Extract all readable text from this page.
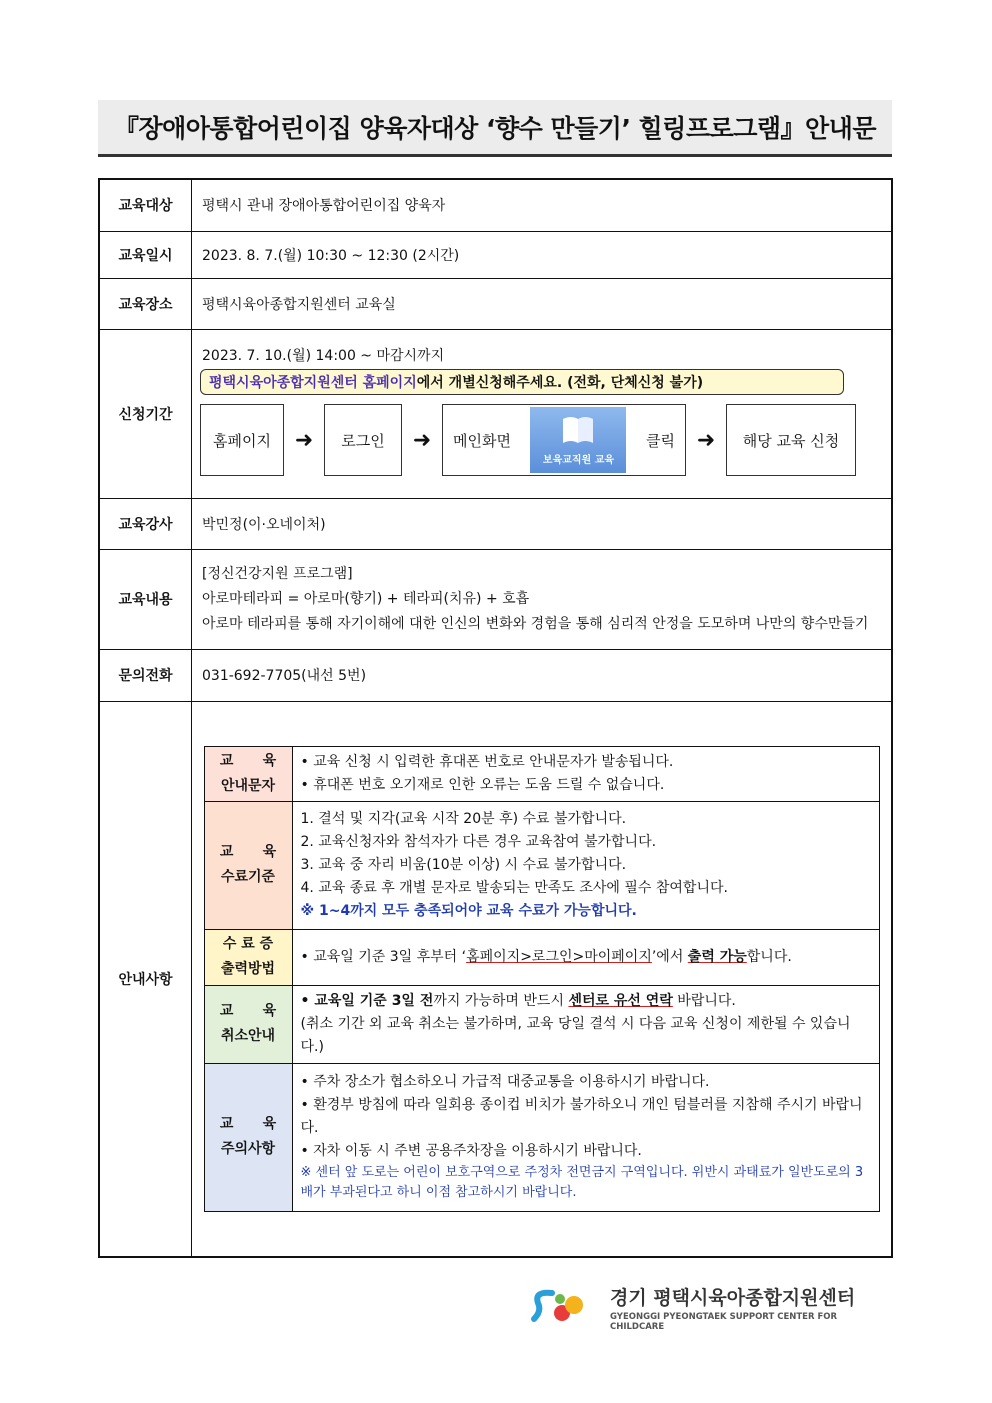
『장애아통합어린이집 양육자대상 ‘향수 만들기’ 힐링프로그램』안내문
교육대상	평택시 관내 장애아통합어린이집 양육자
교육일시	2023. 8. 7.(월) 10:30 ~ 12:30 (2시간)
교육장소	평택시육아종합지원센터 교육실
신청기간	
2023. 7. 10.(월) 14:00 ~ 마감시까지
평택시육아종합지원센터 홈페이지에서 개별신청해주세요. (전화, 단체신청 불가)
홈페이지	➜	로그인	➜	메인화면
보육교직원 교육
클릭 ➜	해당 교육 신청

교육강사	박민정(이·오네이처)
교육내용	
[정신건강지원 프로그램]
아로마테라피 = 아로마(향기) + 테라피(치유) + 호흡
아로마 테라피를 통해 자기이해에 대한 인신의 변화와 경험을 통해 심리적 안정을 도모하며 나만의 향수만들기

문의전화	031-692-7705(내선 5번)
안내사항	
교      육
안내문자

• 교육 신청 시 입력한 휴대폰 번호로 안내문자가 발송됩니다.
• 휴대폰 번호 오기재로 인한 오류는 도움 드릴 수 없습니다.

교      육
수료기준

1. 결석 및 지각(교육 시작 20분 후) 수료 불가합니다.
2. 교육신청자와 참석자가 다른 경우 교육참여 불가합니다.
3. 교육 중 자리 비움(10분 이상) 시 수료 불가합니다.
4. 교육 종료 후 개별 문자로 발송되는 만족도 조사에 필수 참여합니다.
※ 1~4까지 모두 충족되어야 교육 수료가 가능합니다.

수 료 증
출력방법
	• 교육일 기준 3일 후부터 ‘홈페이지>로그인>마이페이지’에서 출력 가능합니다.

교      육
취소안내

• 교육일 기준 3일 전까지 가능하며 반드시 센터로 유선 연락 바랍니다.
(취소 기간 외 교육 취소는 불가하며, 교육 당일 결석 시 다음 교육 신청이 제한될 수 있습니다.)

교      육
주의사항

• 주차 장소가 협소하오니 가급적 대중교통을 이용하시기 바랍니다.
• 환경부 방침에 따라 일회용 종이컵 비치가 불가하오니 개인 텀블러를 지참해 주시기 바랍니다.
• 자차 이동 시 주변 공용주차장을 이용하시기 바랍니다.
※ 센터 앞 도로는 어린이 보호구역으로 주정차 전면금지 구역입니다. 위반시 과태료가 일반도로의 3배가 부과된다고 하니 이점 참고하시기 바랍니다.
경기 평택시육아종합지원센터
GYEONGGI PYEONGTAEK SUPPORT CENTER FOR CHILDCARE
